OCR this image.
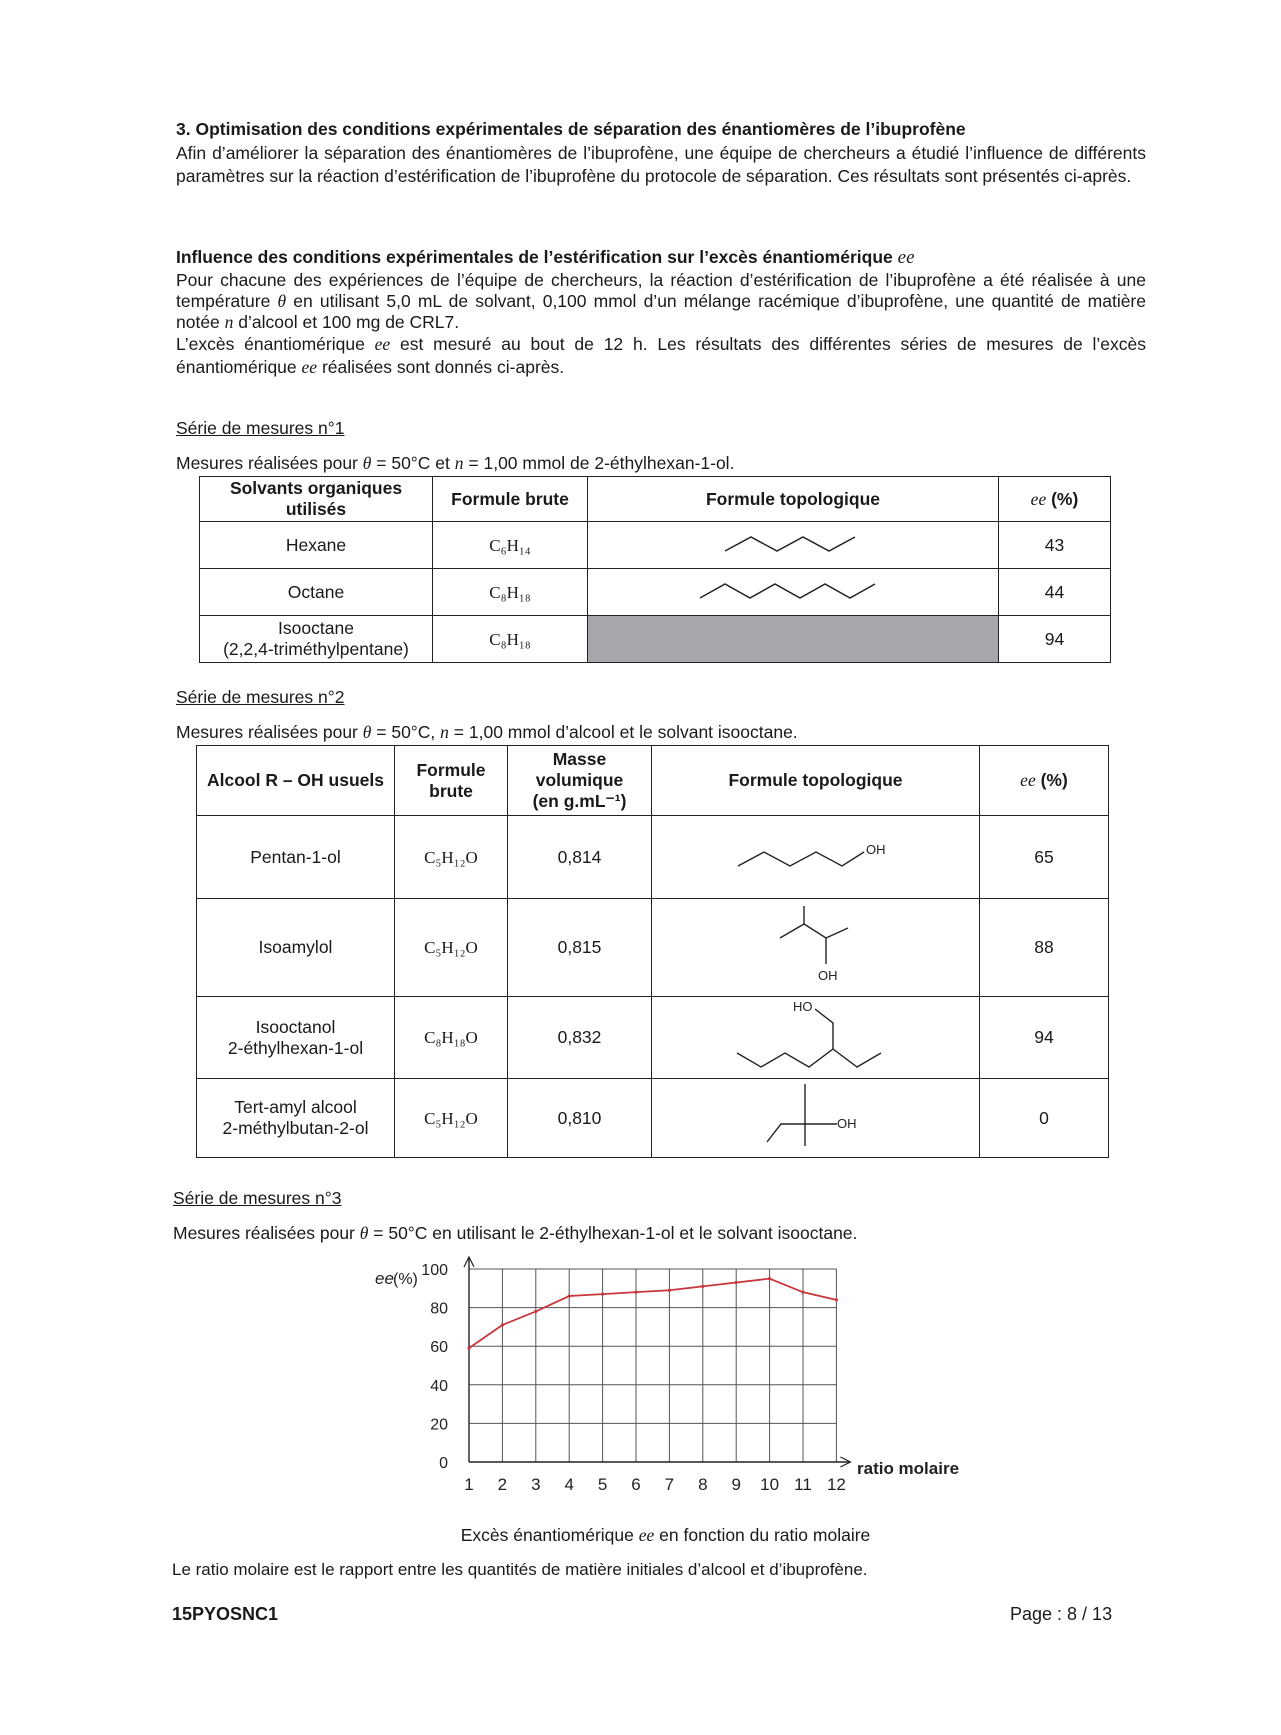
3. Optimisation des conditions expérimentales de séparation des énantiomères de l’ibuprofène
Afin d’améliorer la séparation des énantiomères de l’ibuprofène, une équipe de chercheurs a étudié l’influence de différents paramètres sur la réaction d’estérification de l’ibuprofène du protocole de séparation. Ces résultats sont présentés ci-après.
Influence des conditions expérimentales de l’estérification sur l’excès énantiomérique ee
Pour chacune des expériences de l’équipe de chercheurs, la réaction d’estérification de l’ibuprofène a été réalisée à une température θ en utilisant 5,0 mL de solvant, 0,100 mmol d’un mélange racémique d’ibuprofène, une quantité de matière notée n d’alcool et 100 mg de CRL7.
L’excès énantiomérique ee est mesuré au bout de 12 h. Les résultats des différentes séries de mesures de l’excès énantiomérique ee réalisées sont donnés ci-après.
Série de mesures n°1
Mesures réalisées pour θ = 50°C et n = 1,00 mmol de 2-éthylhexan-1-ol.
Solvants organiques utilisés	Formule brute	Formule topologique	ee (%)
Hexane	C₆H₁₄		43
Octane	C₈H₁₈		44

Isooctane
(2,2,4-triméthylpentane)	C₈H₁₈		94
Série de mesures n°2
Mesures réalisées pour θ = 50°C, n = 1,00 mmol d’alcool et le solvant isooctane.
Alcool R – OH usuels	Formule brute	Masse
volumique
(en g.mL⁻¹)	Formule topologique	ee (%)
Pentan-1-ol	C₅H₁₂O	0,814	OH	65
Isoamylol	C₅H₁₂O	0,815	OH	88

Isooctanol
2-éthylhexan-1-ol	C₈H₁₈O	0,832	HO	94

Tert-amyl alcool
2-méthylbutan-2-ol	C₅H₁₂O	0,810	OH	0
Série de mesures n°3
Mesures réalisées pour θ = 50°C en utilisant le 2-éthylhexan-1-ol et le solvant isooctane.
0
20
40
60
80
100
1 2 3 4 5 6 7 8 9 10 11 12
ee (%)
ratio molaire
Excès énantiomérique ee en fonction du ratio molaire
Le ratio molaire est le rapport entre les quantités de matière initiales d’alcool et d’ibuprofène.
15PYOSNC1	Page : 8 / 13
